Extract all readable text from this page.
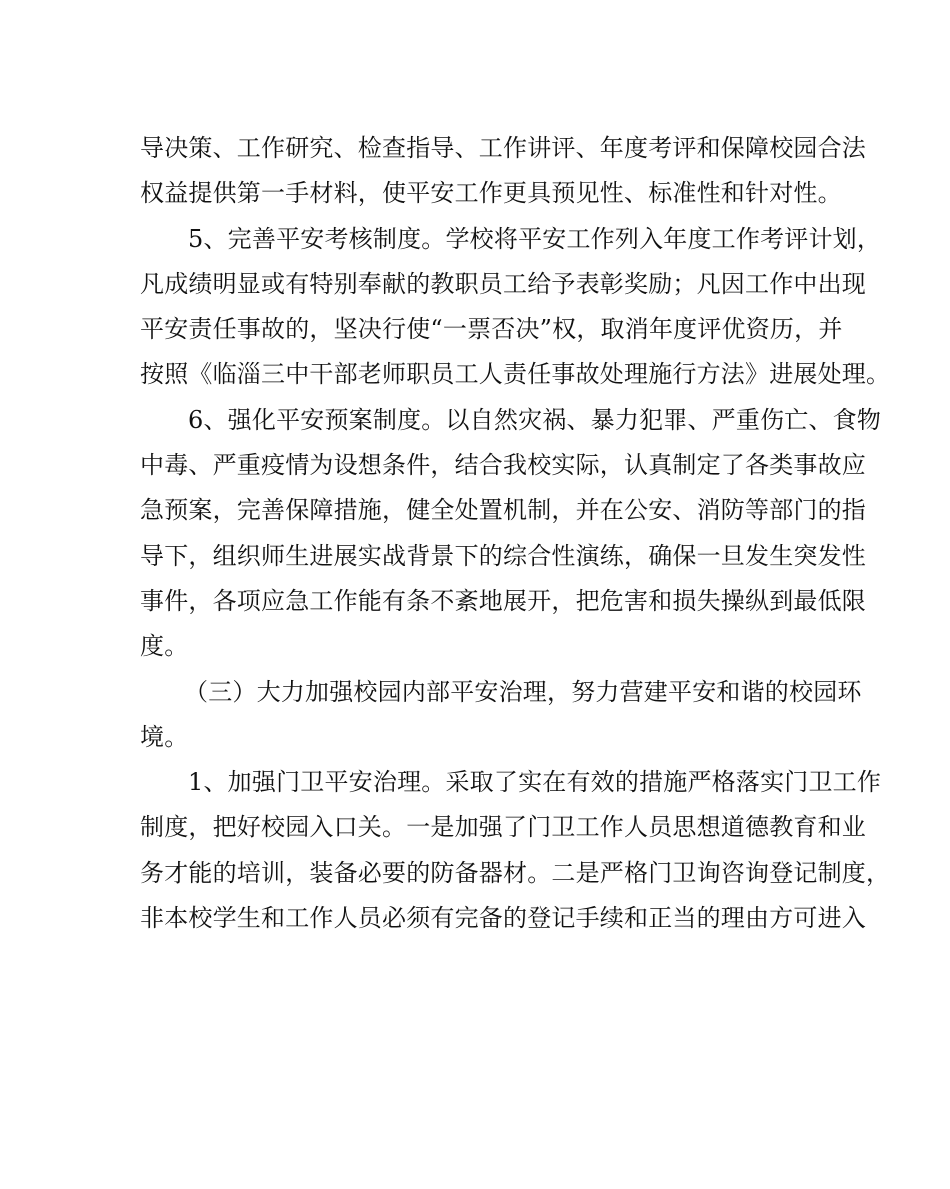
导决策、工作研究、检查指导、工作讲评、年度考评和保障校园合法
权益提供第一手材料，使平安工作更具预见性、标准性和针对性。
5、完善平安考核制度。学校将平安工作列入年度工作考评计划，
凡成绩明显或有特别奉献的教职员工给予表彰奖励；凡因工作中出现
平安责任事故的，坚决行使“一票否决”权，取消年度评优资历，并
按照《临淄三中干部老师职员工人责任事故处理施行方法》进展处理。
6、强化平安预案制度。以自然灾祸、暴力犯罪、严重伤亡、食物
中毒、严重疫情为设想条件，结合我校实际，认真制定了各类事故应
急预案，完善保障措施，健全处置机制，并在公安、消防等部门的指
导下，组织师生进展实战背景下的综合性演练，确保一旦发生突发性
事件，各项应急工作能有条不紊地展开，把危害和损失操纵到最低限
度。
（三）大力加强校园内部平安治理，努力营建平安和谐的校园环
境。
1、加强门卫平安治理。采取了实在有效的措施严格落实门卫工作
制度，把好校园入口关。一是加强了门卫工作人员思想道德教育和业
务才能的培训，装备必要的防备器材。二是严格门卫询咨询登记制度，
非本校学生和工作人员必须有完备的登记手续和正当的理由方可进入
